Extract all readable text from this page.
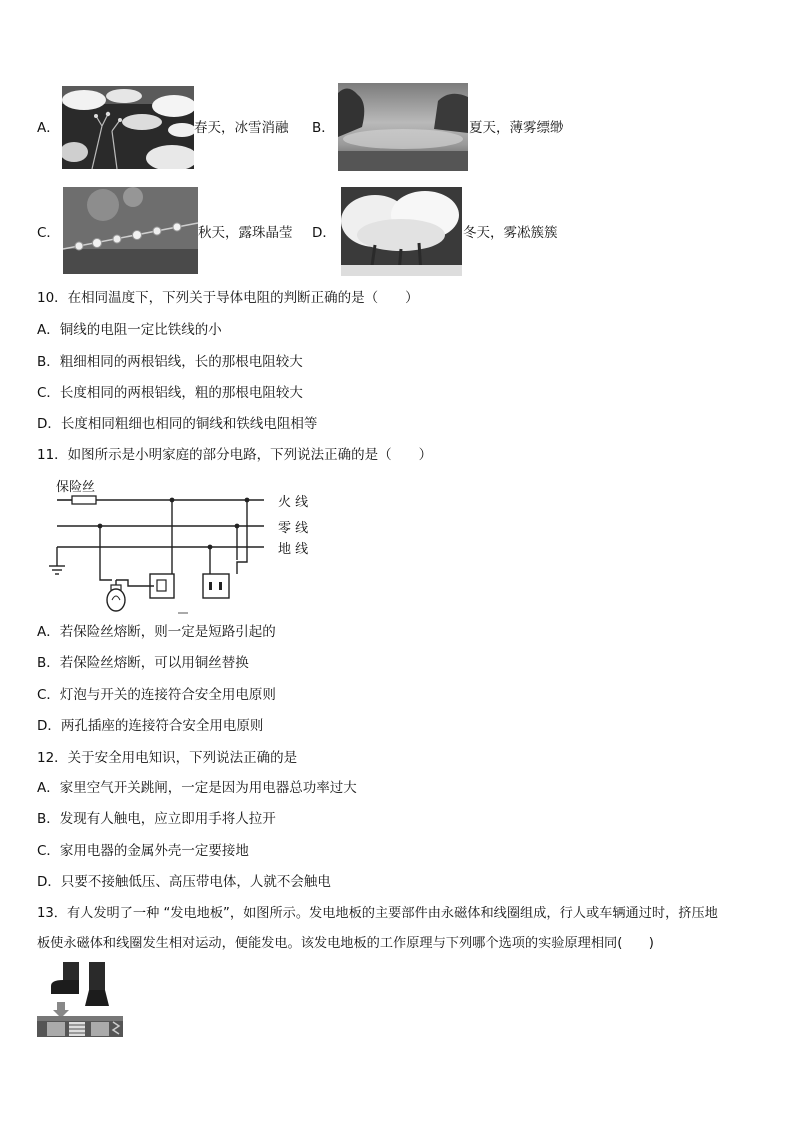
A．	春天，冰雪消融 B．	夏天，薄雾缥缈
C．	秋天，露珠晶莹 D．	冬天，雾凇簇簇
10．在相同温度下，下列关于导体电阻的判断正确的是（　　）
A．铜线的电阻一定比铁线的小
B．粗细相同的两根铝线，长的那根电阻较大
C．长度相同的两根铝线，粗的那根电阻较大
D．长度相同粗细也相同的铜线和铁线电阻相等
11．如图所示是小明家庭的部分电路，下列说法正确的是（　　）
保险丝
火 线
零 线
地 线
A．若保险丝熔断，则一定是短路引起的
B．若保险丝熔断，可以用铜丝替换
C．灯泡与开关的连接符合安全用电原则
D．两孔插座的连接符合安全用电原则
12．关于安全用电知识，下列说法正确的是
A．家里空气开关跳闸，一定是因为用电器总功率过大
B．发现有人触电，应立即用手将人拉开
C．家用电器的金属外壳一定要接地
D．只要不接触低压、高压带电体，人就不会触电
13．有人发明了一种 “发电地板”，如图所示。发电地板的主要部件由永磁体和线圈组成，行人或车辆通过时，挤压地
板使永磁体和线圈发生相对运动，便能发电。该发电地板的工作原理与下列哪个选项的实验原理相同(　　)
